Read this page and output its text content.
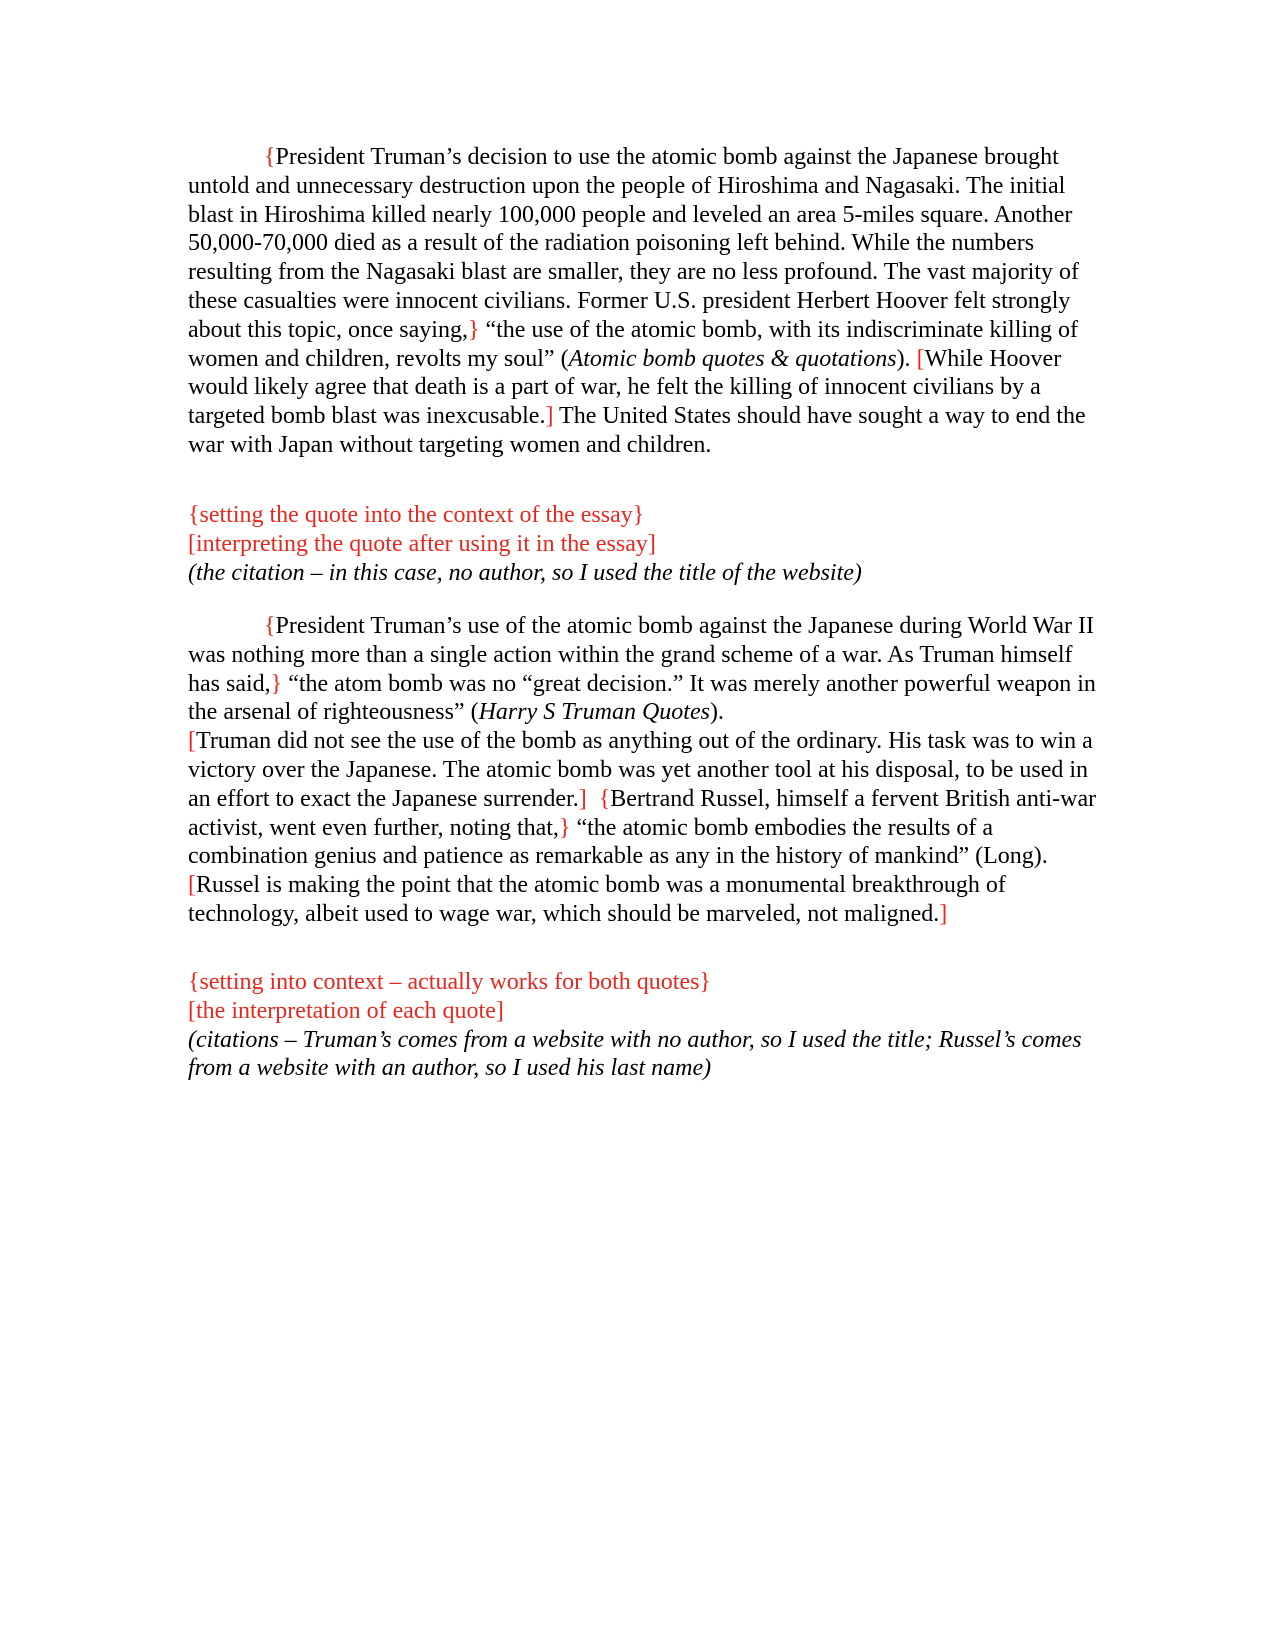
{President Truman’s decision to use the atomic bomb against the Japanese brought untold and unnecessary destruction upon the people of Hiroshima and Nagasaki. The initial blast in Hiroshima killed nearly 100,000 people and leveled an area 5-miles square. Another 50,000-70,000 died as a result of the radiation poisoning left behind. While the numbers resulting from the Nagasaki blast are smaller, they are no less profound. The vast majority of these casualties were innocent civilians. Former U.S. president Herbert Hoover felt strongly about this topic, once saying,} “the use of the atomic bomb, with its indiscriminate killing of women and children, revolts my soul” (Atomic bomb quotes & quotations). [While Hoover would likely agree that death is a part of war, he felt the killing of innocent civilians by a targeted bomb blast was inexcusable.] The United States should have sought a way to end the war with Japan without targeting women and children.

{setting the quote into the context of the essay}
[interpreting the quote after using it in the essay]
(the citation – in this case, no author, so I used the title of the website)

{President Truman’s use of the atomic bomb against the Japanese during World War II was nothing more than a single action within the grand scheme of a war. As Truman himself has said,} “the atom bomb was no “great decision.” It was merely another powerful weapon in the arsenal of righteousness” (Harry S Truman Quotes).
[Truman did not see the use of the bomb as anything out of the ordinary. His task was to win a victory over the Japanese. The atomic bomb was yet another tool at his disposal, to be used in an effort to exact the Japanese surrender.] {Bertrand Russel, himself a fervent British anti-war activist, went even further, noting that,} “the atomic bomb embodies the results of a combination genius and patience as remarkable as any in the history of mankind” (Long). [Russel is making the point that the atomic bomb was a monumental breakthrough of technology, albeit used to wage war, which should be marveled, not maligned.]

{setting into context – actually works for both quotes}
[the interpretation of each quote]
(citations – Truman’s comes from a website with no author, so I used the title; Russel’s comes from a website with an author, so I used his last name)
